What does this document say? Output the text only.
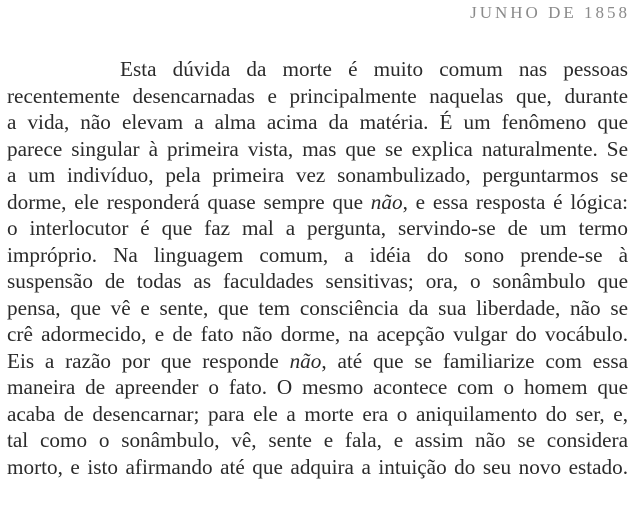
JUNHO DE 1858
Esta dúvida da morte é muito comum nas pessoas
recentemente desencarnadas e principalmente naquelas que, durante
a vida, não elevam a alma acima da matéria. É um fenômeno que
parece singular à primeira vista, mas que se explica naturalmente. Se
a um indivíduo, pela primeira vez sonambulizado, perguntarmos se
dorme, ele responderá quase sempre que não, e essa resposta é lógica:
o interlocutor é que faz mal a pergunta, servindo-se de um termo
impróprio. Na linguagem comum, a idéia do sono prende-se à
suspensão de todas as faculdades sensitivas; ora, o sonâmbulo que
pensa, que vê e sente, que tem consciência da sua liberdade, não se
crê adormecido, e de fato não dorme, na acepção vulgar do vocábulo.
Eis a razão por que responde não, até que se familiarize com essa
maneira de apreender o fato. O mesmo acontece com o homem que
acaba de desencarnar; para ele a morte era o aniquilamento do ser, e,
tal como o sonâmbulo, vê, sente e fala, e assim não se considera
morto, e isto afirmando até que adquira a intuição do seu novo estado.
